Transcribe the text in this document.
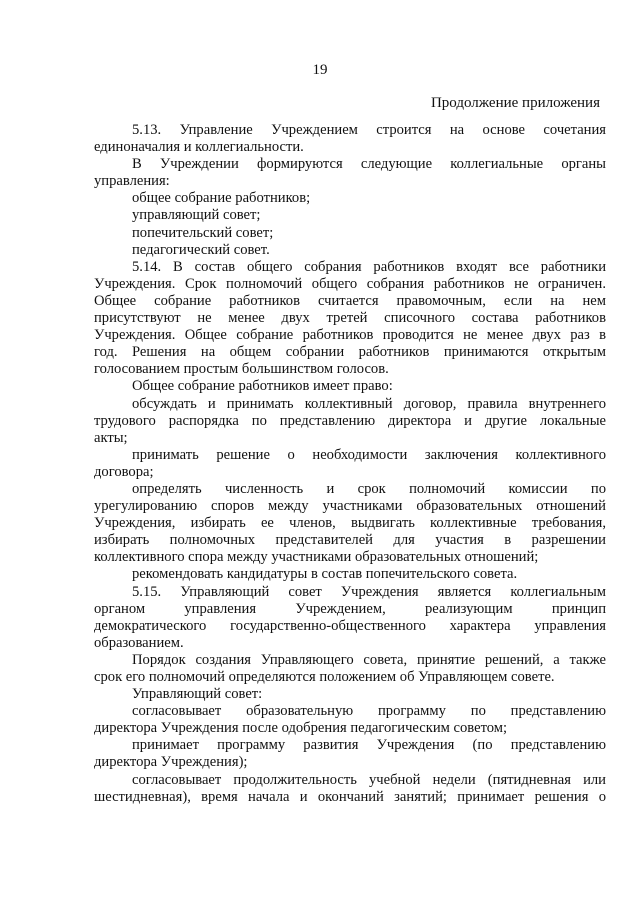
19
Продолжение приложения
5.13. Управление Учреждением строится на основе сочетания
единоначалия и коллегиальности.
В Учреждении формируются следующие коллегиальные органы
управления:
общее собрание работников;
управляющий совет;
попечительский совет;
педагогический совет.
5.14. В состав общего собрания работников входят все работники
Учреждения. Срок полномочий общего собрания работников не ограничен.
Общее собрание работников считается правомочным, если на нем
присутствуют не менее двух третей списочного состава работников
Учреждения. Общее собрание работников проводится не менее двух раз в
год. Решения на общем собрании работников принимаются открытым
голосованием простым большинством голосов.
Общее собрание работников имеет право:
обсуждать и принимать коллективный договор, правила внутреннего
трудового распорядка по представлению директора и другие локальные
акты;
принимать решение о необходимости заключения коллективного
договора;
определять численность и срок полномочий комиссии по
урегулированию споров между участниками образовательных отношений
Учреждения, избирать ее членов, выдвигать коллективные требования,
избирать полномочных представителей для участия в разрешении
коллективного спора между участниками образовательных отношений;
рекомендовать кандидатуры в состав попечительского совета.
5.15. Управляющий совет Учреждения является коллегиальным
органом управления Учреждением, реализующим принцип
демократического государственно-общественного характера управления
образованием.
Порядок создания Управляющего совета, принятие решений, а также
срок его полномочий определяются положением об Управляющем совете.
Управляющий совет:
согласовывает образовательную программу по представлению
директора Учреждения после одобрения педагогическим советом;
принимает программу развития Учреждения (по представлению
директора Учреждения);
согласовывает продолжительность учебной недели (пятидневная или
шестидневная), время начала и окончаний занятий; принимает решения о
